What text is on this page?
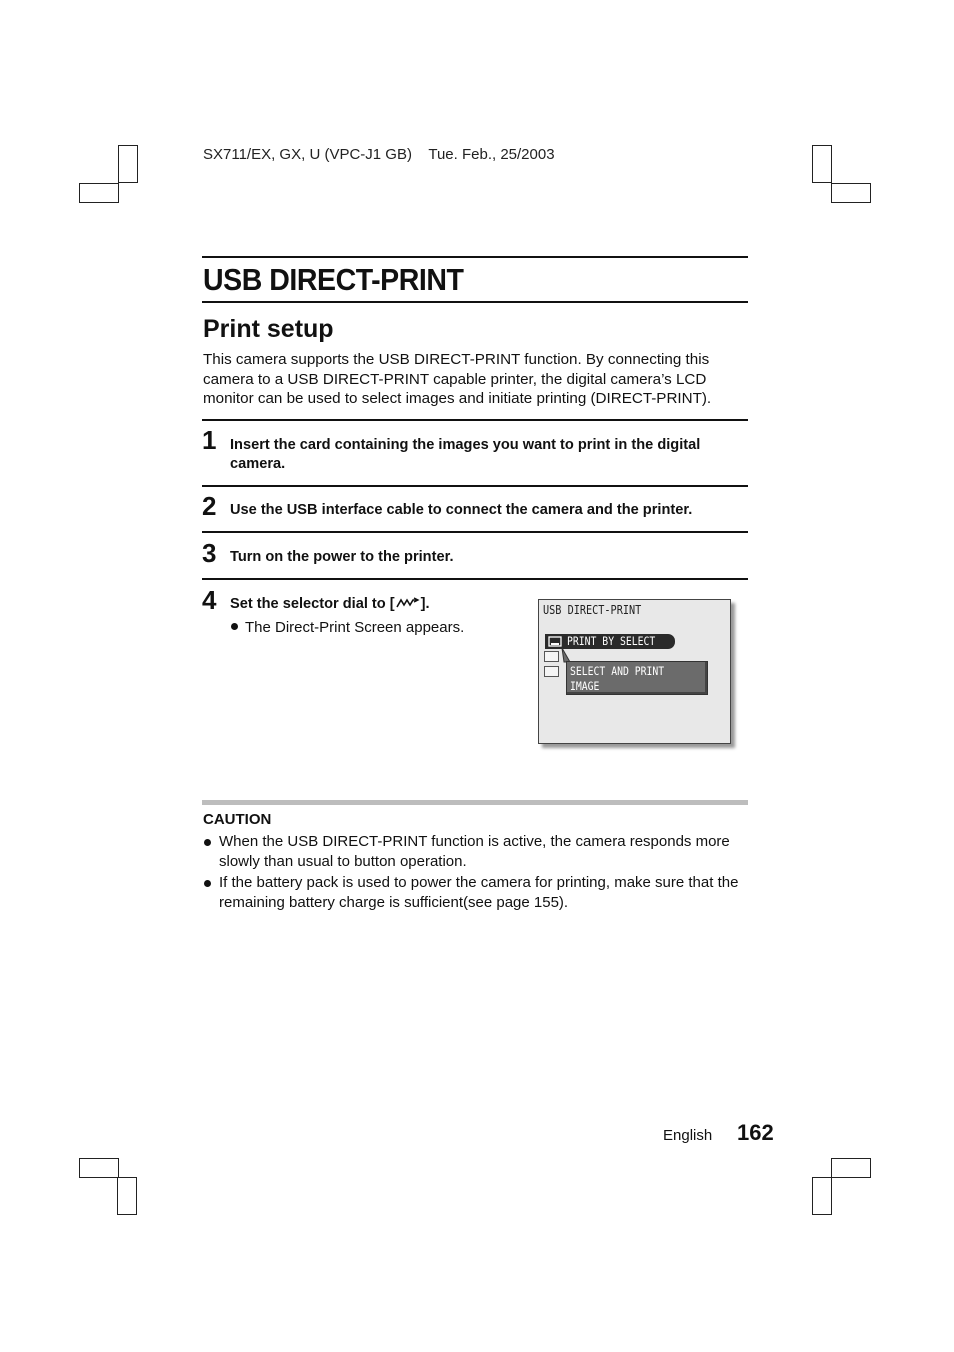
SX711/EX, GX, U (VPC-J1 GB)    Tue. Feb., 25/2003
USB DIRECT-PRINT
Print setup
This camera supports the USB DIRECT-PRINT function. By connecting this camera to a USB DIRECT-PRINT capable printer, the digital camera’s LCD monitor can be used to select images and initiate printing (DIRECT-PRINT).
1 Insert the card containing the images you want to print in the digital camera.
2 Use the USB interface cable to connect the camera and the printer.
3 Turn on the power to the printer.
4 Set the selector dial to [ ].
The Direct-Print Screen appears.
USB DIRECT-PRINT
PRINT BY SELECT
SELECT AND PRINT
IMAGE
CAUTION
When the USB DIRECT-PRINT function is active, the camera responds more slowly than usual to button operation.
If the battery pack is used to power the camera for printing, make sure that the remaining battery charge is sufficient(see page 155).
English 162
